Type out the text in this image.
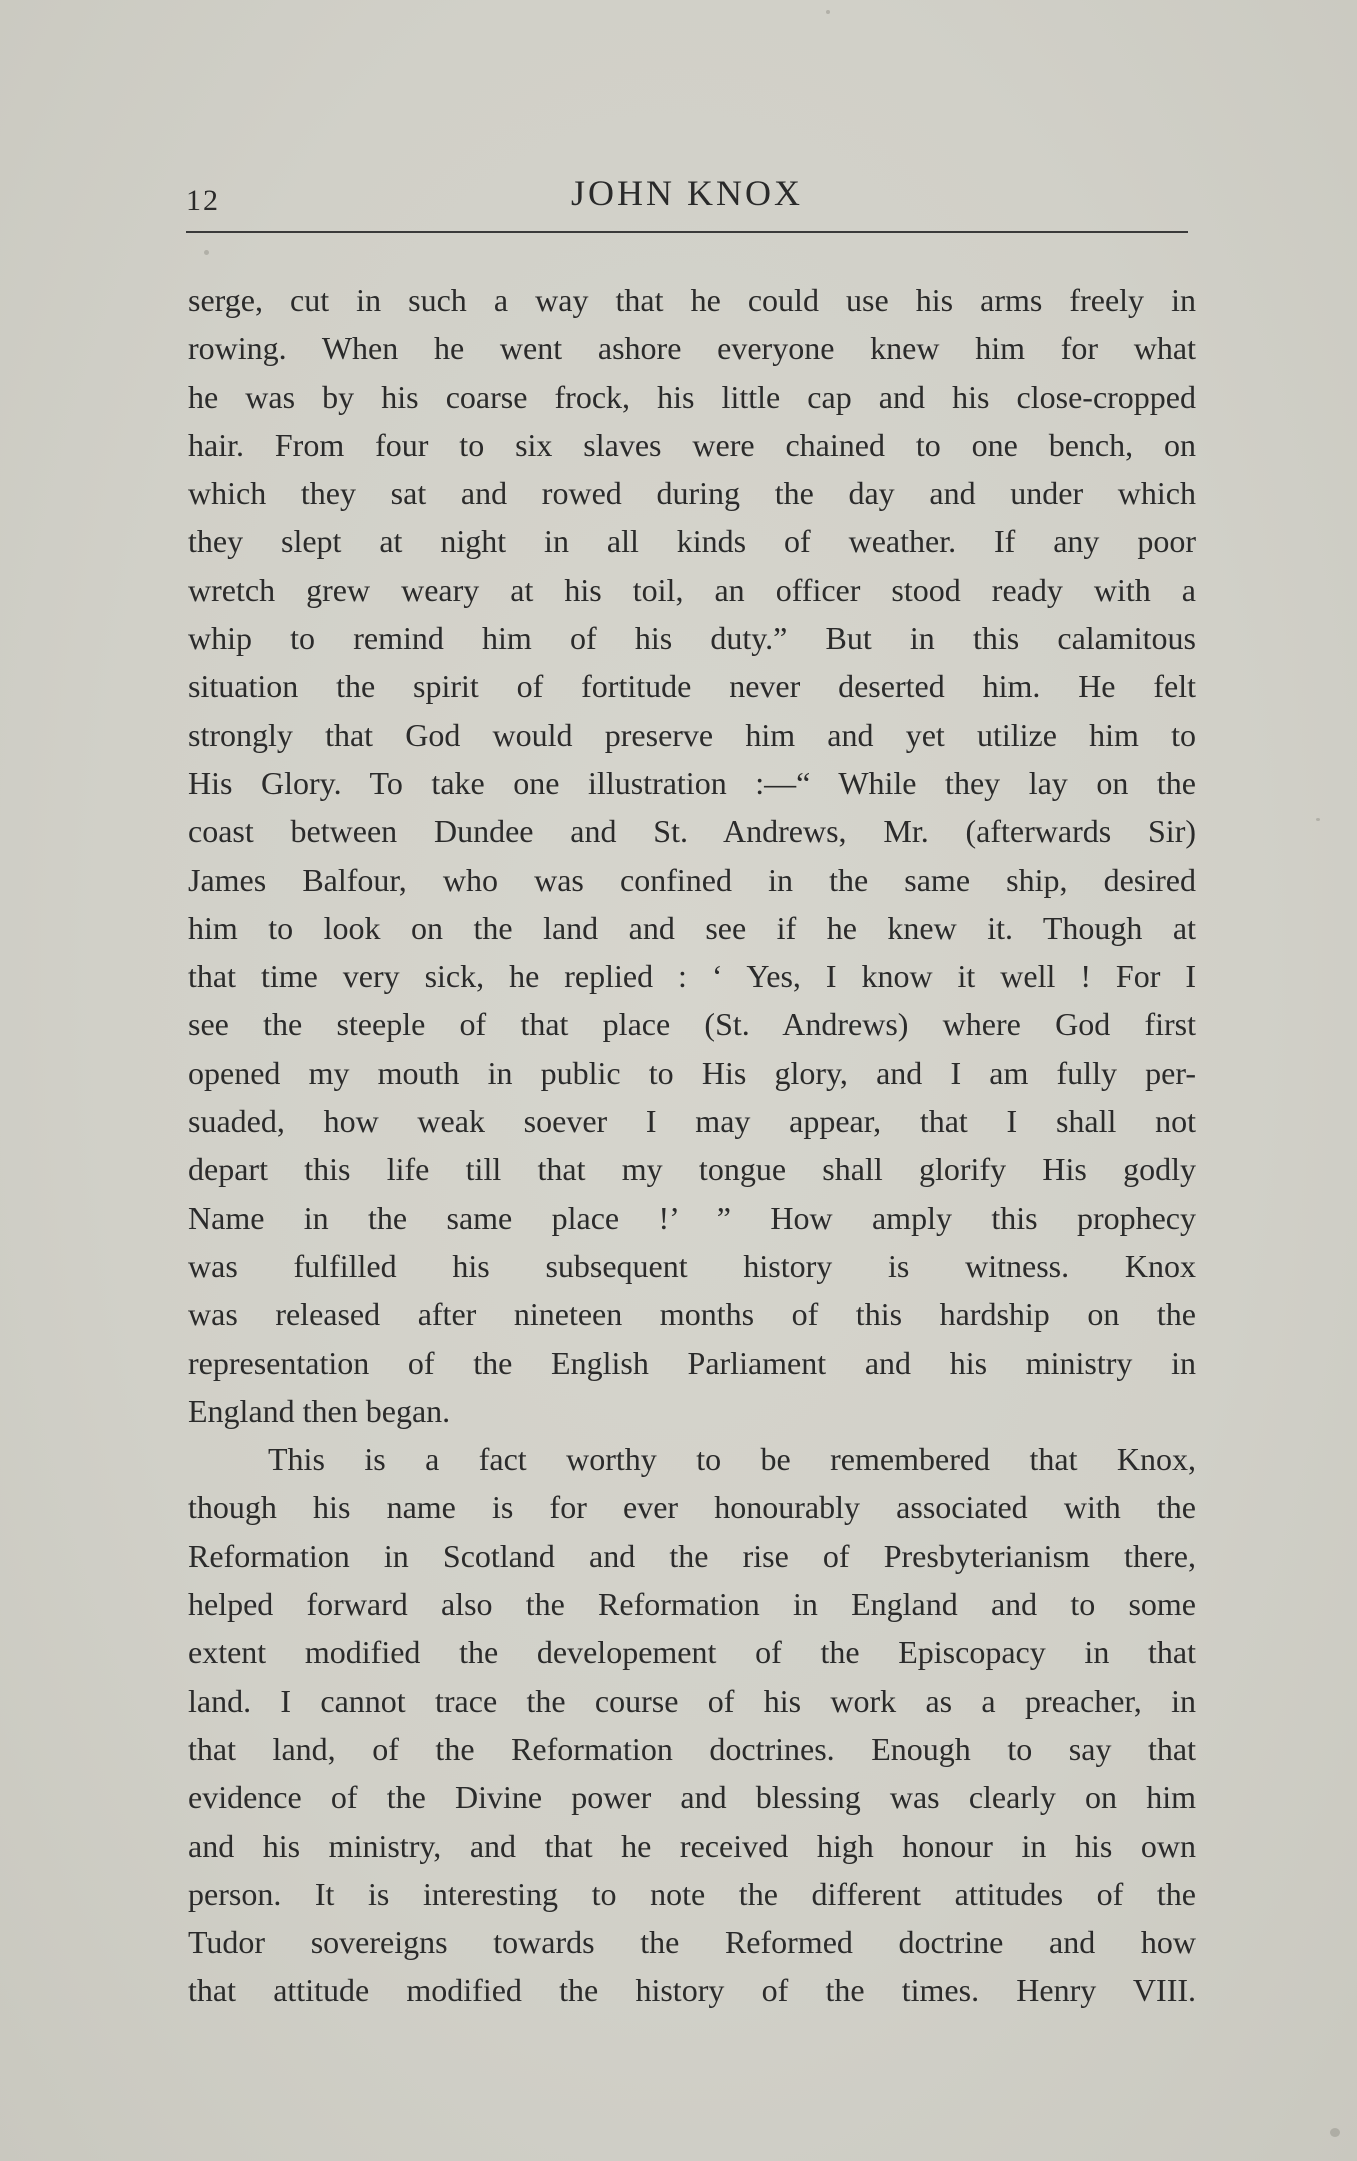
12	JOHN KNOX
serge, cut in such a way that he could use his arms freely in
rowing. When he went ashore everyone knew him for what
he was by his coarse frock, his little cap and his close-cropped
hair. From four to six slaves were chained to one bench, on
which they sat and rowed during the day and under which
they slept at night in all kinds of weather. If any poor
wretch grew weary at his toil, an officer stood ready with a
whip to remind him of his duty.” But in this calamitous
situation the spirit of fortitude never deserted him. He felt
strongly that God would preserve him and yet utilize him to
His Glory. To take one illustration :—“ While they lay on the
coast between Dundee and St. Andrews, Mr. (afterwards Sir)
James Balfour, who was confined in the same ship, desired
him to look on the land and see if he knew it. Though at
that time very sick, he replied : ‘ Yes, I know it well ! For I
see the steeple of that place (St. Andrews) where God first
opened my mouth in public to His glory, and I am fully per-
suaded, how weak soever I may appear, that I shall not
depart this life till that my tongue shall glorify His godly
Name in the same place !’ ” How amply this prophecy
was fulfilled his subsequent history is witness. Knox
was released after nineteen months of this hardship on the
representation of the English Parliament and his ministry in
England then began.
This is a fact worthy to be remembered that Knox,
though his name is for ever honourably associated with the
Reformation in Scotland and the rise of Presbyterianism there,
helped forward also the Reformation in England and to some
extent modified the developement of the Episcopacy in that
land. I cannot trace the course of his work as a preacher, in
that land, of the Reformation doctrines. Enough to say that
evidence of the Divine power and blessing was clearly on him
and his ministry, and that he received high honour in his own
person. It is interesting to note the different attitudes of the
Tudor sovereigns towards the Reformed doctrine and how
that attitude modified the history of the times. Henry VIII.
